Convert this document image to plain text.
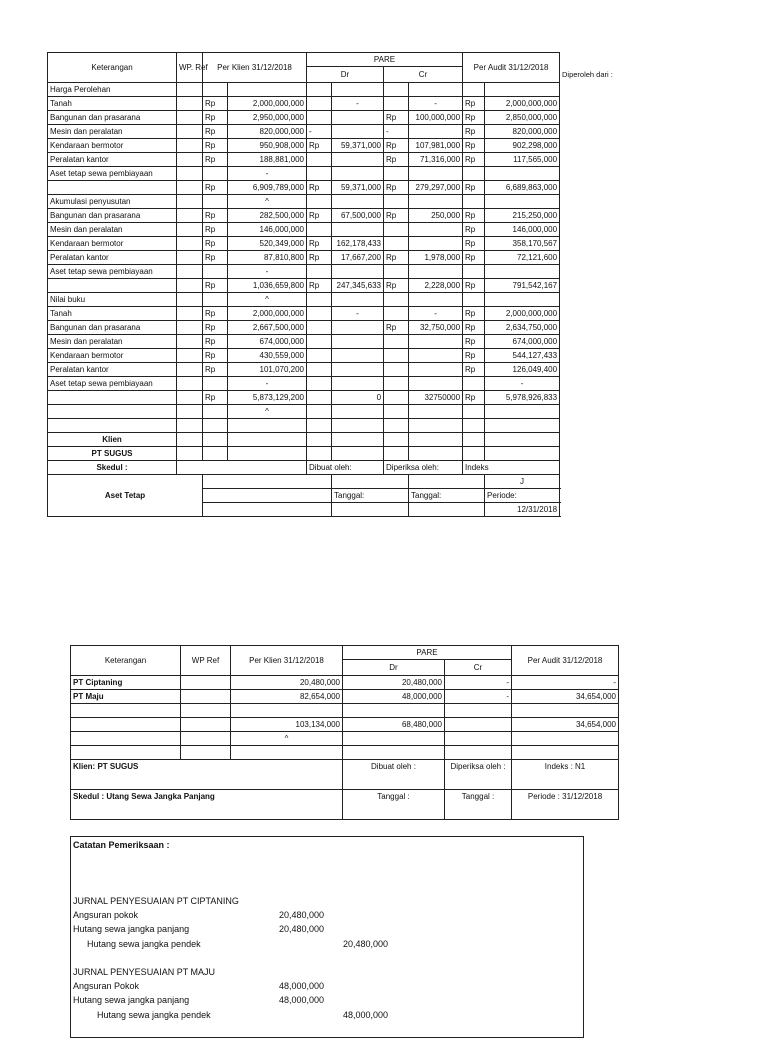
Keterangan	WP. Ref	Per Klien 31/12/2018		PARE				Per Audit 31/12/2018		
				Dr		Cr				
Harga Perolehan										
Tanah		Rp	2,000,000,000		-		-	Rp	2,000,000,000	
Bangunan dan prasarana		Rp	2,950,000,000			Rp	100,000,000	Rp	2,850,000,000	
Mesin dan peralatan		Rp	820,000,000	-		-		Rp	820,000,000	
Kendaraan bermotor		Rp	950,908,000	Rp	59,371,000	Rp	107,981,000	Rp	902,298,000	
Peralatan kantor		Rp	188,881,000			Rp	71,316,000	Rp	117,565,000	
Aset tetap sewa pembiayaan			-							
		Rp	6,909,789,000	Rp	59,371,000	Rp	279,297,000	Rp	6,689,863,000	
Akumulasi penyusutan			^							
Bangunan dan prasarana		Rp	282,500,000	Rp	67,500,000	Rp	250,000	Rp	215,250,000	
Mesin dan peralatan		Rp	146,000,000					Rp	146,000,000	
Kendaraan bermotor		Rp	520,349,000	Rp	162,178,433			Rp	358,170,567	
Peralatan kantor		Rp	87,810,800	Rp	17,667,200	Rp	1,978,000	Rp	72,121,600	
Aset tetap sewa pembiayaan			-							
		Rp	1,036,659,800	Rp	247,345,633	Rp	2,228,000	Rp	791,542,167	
Nilai buku			^							
Tanah		Rp	2,000,000,000		-		-	Rp	2,000,000,000	
Bangunan dan prasarana		Rp	2,667,500,000			Rp	32,750,000	Rp	2,634,750,000	
Mesin dan peralatan		Rp	674,000,000					Rp	674,000,000	
Kendaraan bermotor		Rp	430,559,000					Rp	544,127,433	
Peralatan kantor		Rp	101,070,200					Rp	126,049,400	
Aset tetap sewa pembiayaan			-						-	
		Rp	5,873,129,200		0		32750000	Rp	5,978,926,833	
			^							

Klien										
PT SUGUS										
Skedul :				Dibuat oleh:		Diperiksa oleh:		Indeks		
Aset Tetap									J	
					Tanggal:		Tanggal:		Periode:	
									12/31/2018	
Diperoleh dari :
Keterangan	WP Ref	Per Klien 31/12/2018	PARE		Per Audit 31/12/2018	
			Dr	Cr		
PT Ciptaning		20,480,000	20,480,000	-	-	
PT Maju		82,654,000	48,000,000	-	34,654,000	

		103,134,000	68,480,000		34,654,000	
		^				

Klien: PT SUGUS			Dibuat oleh :	Diperiksa oleh :	Indeks : N1	
Skedul : Utang Sewa Jangka Panjang			Tanggal :	Tanggal :	Periode : 31/12/2018	
Catatan Pemeriksaan :
JURNAL PENYESUAIAN PT CIPTANING
Angsuran pokok	20,480,000
Hutang sewa jangka panjang	20,480,000
Hutang sewa jangka pendek	20,480,000
JURNAL PENYESUAIAN PT MAJU
Angsuran Pokok	48,000,000
Hutang sewa jangka panjang	48,000,000
Hutang sewa jangka pendek	48,000,000
